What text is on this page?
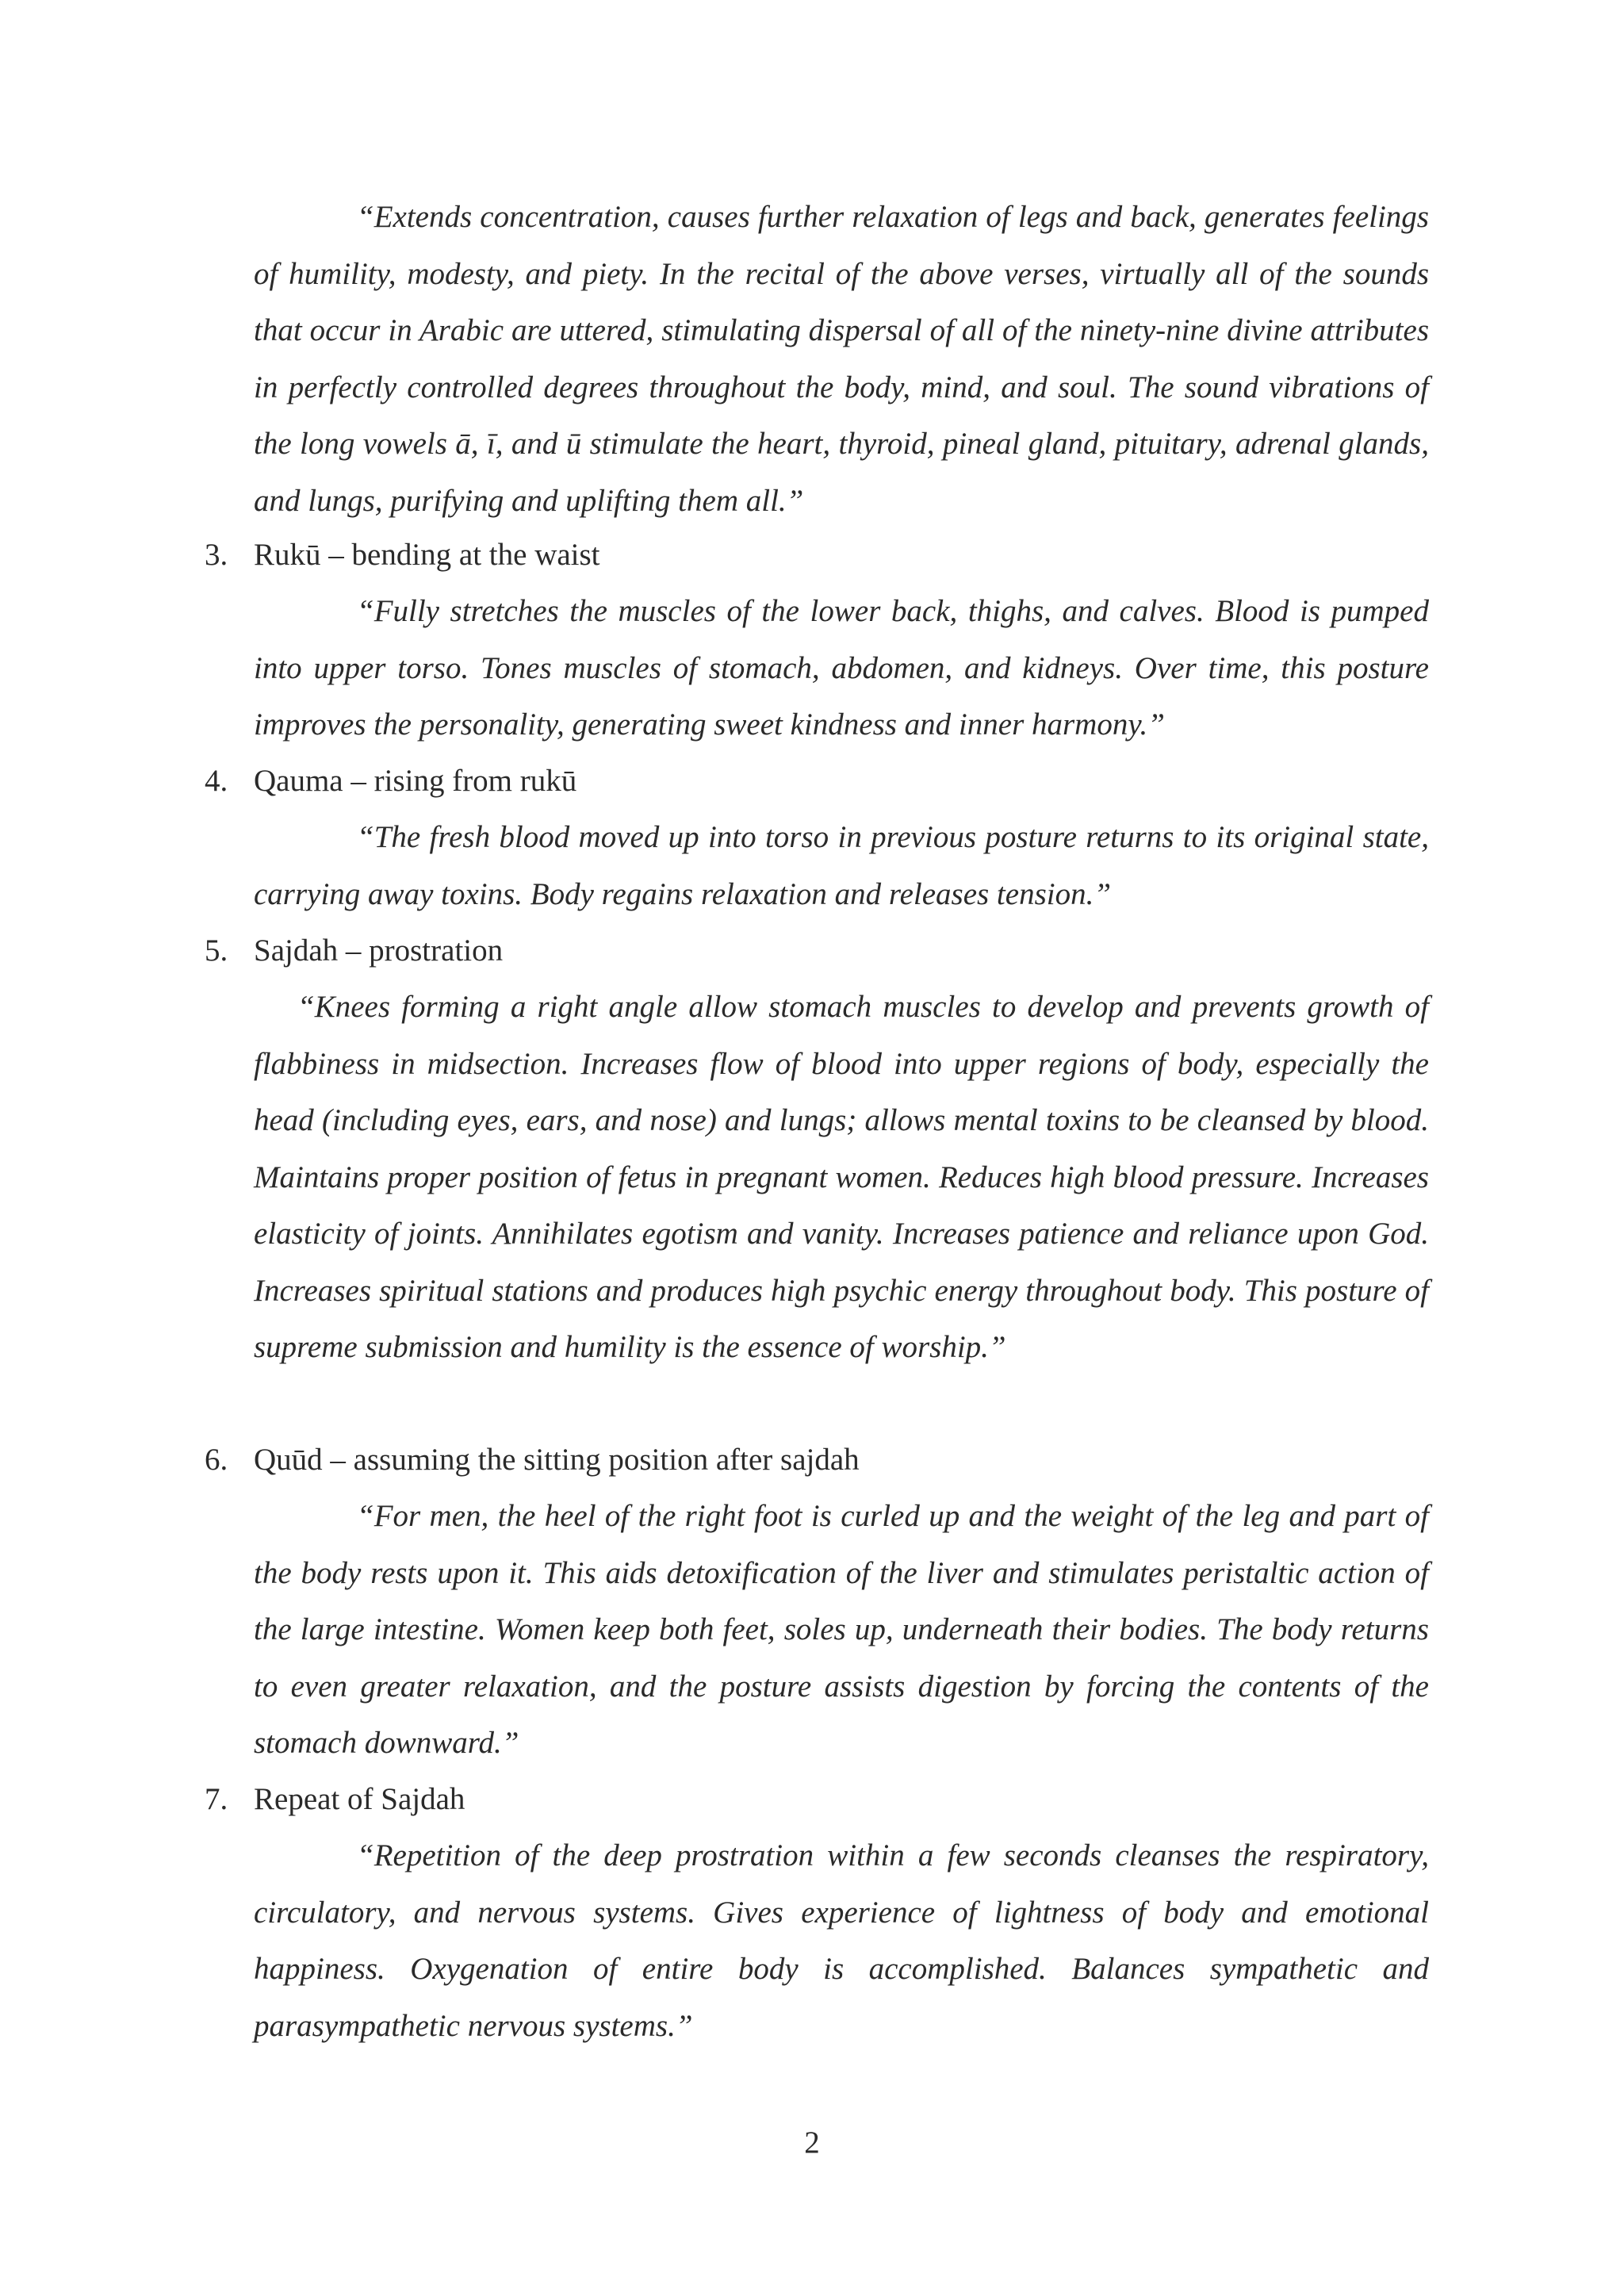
“Extends concentration, causes further relaxation of legs and back, generates feelings of humility, modesty, and piety. In the recital of the above verses, virtually all of the sounds that occur in Arabic are uttered, stimulating dispersal of all of the ninety-nine divine attributes in perfectly controlled degrees throughout the body, mind, and soul. The sound vibrations of the long vowels ā, ī, and ū stimulate the heart, thyroid, pineal gland, pituitary, adrenal glands, and lungs, purifying and uplifting them all.”

3. Rukū – bending at the waist

“Fully stretches the muscles of the lower back, thighs, and calves. Blood is pumped into upper torso. Tones muscles of stomach, abdomen, and kidneys. Over time, this posture improves the personality, generating sweet kindness and inner harmony.”

4. Qauma – rising from rukū

“The fresh blood moved up into torso in previous posture returns to its original state, carrying away toxins. Body regains relaxation and releases tension.”

5. Sajdah – prostration

“Knees forming a right angle allow stomach muscles to develop and prevents growth of flabbiness in midsection. Increases flow of blood into upper regions of body, especially the head (including eyes, ears, and nose) and lungs; allows mental toxins to be cleansed by blood. Maintains proper position of fetus in pregnant women. Reduces high blood pressure. Increases elasticity of joints. Annihilates egotism and vanity. Increases patience and reliance upon God. Increases spiritual stations and produces high psychic energy throughout body. This posture of supreme submission and humility is the essence of worship.”

6. Quūd – assuming the sitting position after sajdah

“For men, the heel of the right foot is curled up and the weight of the leg and part of the body rests upon it. This aids detoxification of the liver and stimulates peristaltic action of the large intestine. Women keep both feet, soles up, underneath their bodies. The body returns to even greater relaxation, and the posture assists digestion by forcing the contents of the stomach downward.”

7. Repeat of Sajdah

“Repetition of the deep prostration within a few seconds cleanses the respiratory, circulatory, and nervous systems. Gives experience of lightness of body and emotional happiness. Oxygenation of entire body is accomplished. Balances sympathetic and parasympathetic nervous systems.”

2
